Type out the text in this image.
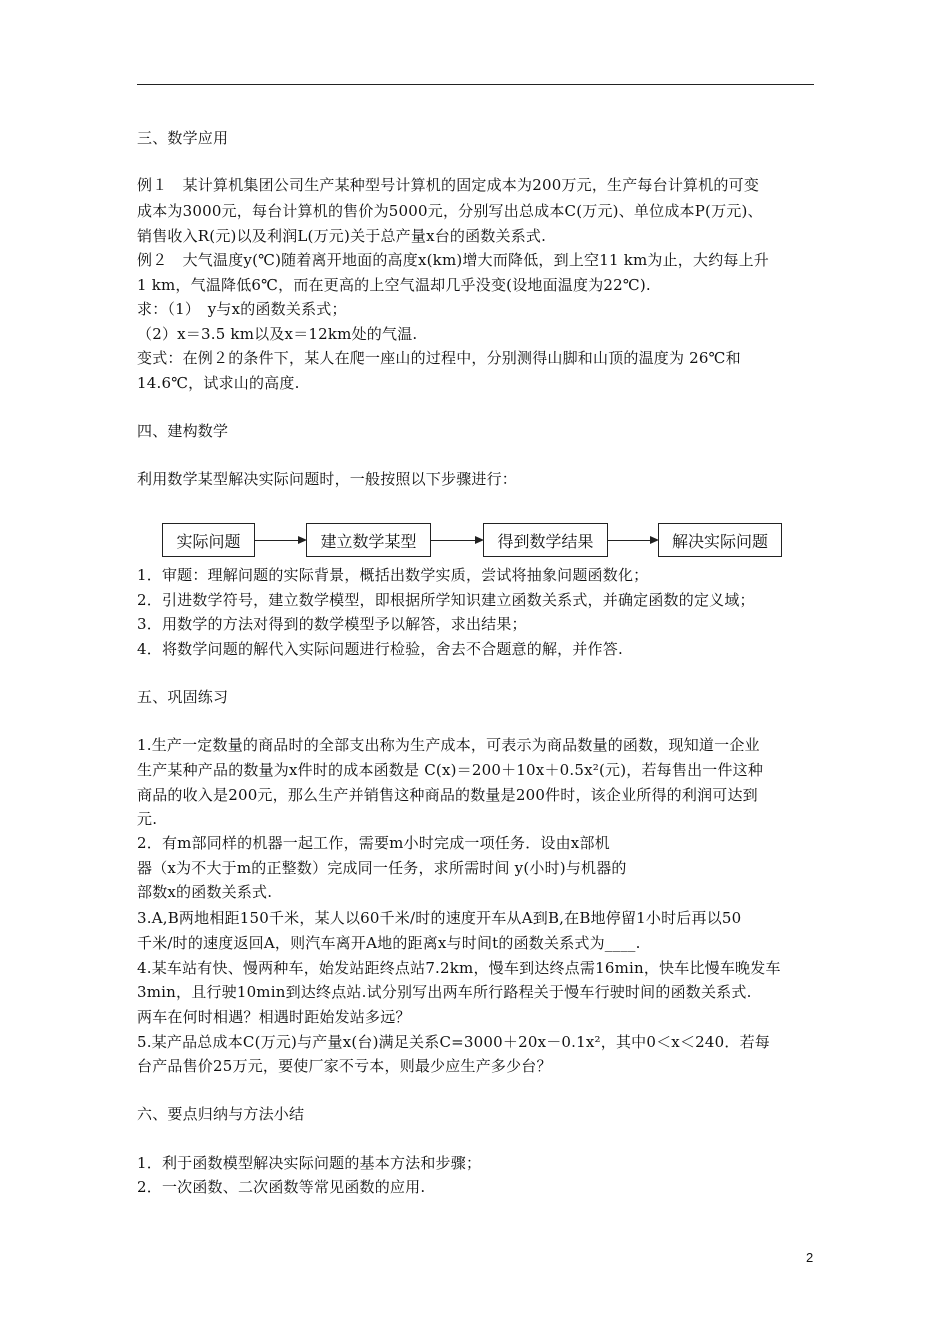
三、数学应用
例１　某计算机集团公司生产某种型号计算机的固定成本为200万元，生产每台计算机的可变
成本为3000元，每台计算机的售价为5000元，分别写出总成本C(万元)、单位成本P(万元)、
销售收入R(元)以及利润L(万元)关于总产量x台的函数关系式.
例２　大气温度y(℃)随着离开地面的高度x(km)增大而降低，到上空11 km为止，大约每上升
1 km，气温降低6℃，而在更高的上空气温却几乎没变(设地面温度为22℃).
求：（1）　y与x的函数关系式；
（2）x＝3.5 km以及x＝12km处的气温.
变式：在例２的条件下，某人在爬一座山的过程中，分别测得山脚和山顶的温度为 26℃和
14.6℃，试求山的高度.
四、建构数学
利用数学某型解决实际问题时，一般按照以下步骤进行：
实际问题	建立数学某型	得到数学结果	解决实际问题
1．审题：理解问题的实际背景，概括出数学实质，尝试将抽象问题函数化；
2．引进数学符号，建立数学模型，即根据所学知识建立函数关系式，并确定函数的定义域；
3．用数学的方法对得到的数学模型予以解答，求出结果；
4．将数学问题的解代入实际问题进行检验，舍去不合题意的解，并作答.
五、巩固练习
1.生产一定数量的商品时的全部支出称为生产成本，可表示为商品数量的函数，现知道一企业
生产某种产品的数量为x件时的成本函数是 C(x)＝200＋10x＋0.5x²(元)，若每售出一件这种
商品的收入是200元，那么生产并销售这种商品的数量是200件时，该企业所得的利润可达到
元.
2．有m部同样的机器一起工作，需要m小时完成一项任务．设由x部机
器（x为不大于m的正整数）完成同一任务，求所需时间 y(小时)与机器的
部数x的函数关系式.
3.A,B两地相距150千米，某人以60千米/时的速度开车从A到B,在B地停留1小时后再以50
千米/时的速度返回A，则汽车离开A地的距离x与时间t的函数关系式为____.
4.某车站有快、慢两种车，始发站距终点站7.2km，慢车到达终点需16min，快车比慢车晚发车
3min，且行驶10min到达终点站.试分别写出两车所行路程关于慢车行驶时间的函数关系式.
两车在何时相遇？相遇时距始发站多远？
5.某产品总成本C(万元)与产量x(台)满足关系C=3000＋20x－0.1x²，其中0＜x＜240．若每
台产品售价25万元，要使厂家不亏本，则最少应生产多少台？
六、要点归纳与方法小结
1．利于函数模型解决实际问题的基本方法和步骤；
2．一次函数、二次函数等常见函数的应用.
2
